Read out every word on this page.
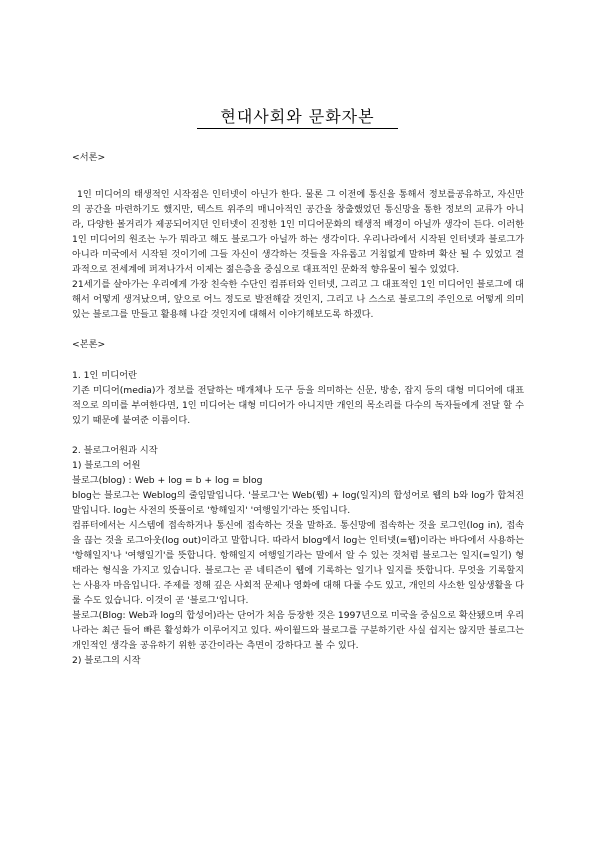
현대사회와 문화자본

<서론>

1인 미디어의 태생적인 시작점은 인터넷이 아닌가 한다. 물론 그 이전에 통신을 통해서 정보를공유하고, 자신만의 공간을 마련하기도 했지만, 텍스트 위주의 매니아적인 공간을 창출했었던 통신망을 통한 정보의 교류가 아니라, 다양한 볼거리가 제공되어지던 인터넷이 진정한 1인 미디어문화의 태생적 배경이 아닐까 생각이 든다. 이러한 1인 미디어의 원조는 누가 뭐라고 해도 블로그가 아닐까 하는 생각이다. 우리나라에서 시작된 인터넷과 블로그가 아니라 미국에서 시작된 것이기에 그들 자신이 생각하는 것들을 자유롭고 거침없게 말하며 확산 될 수 있었고 결과적으로 전세계에 퍼져나가서 이제는 젊은층을 중심으로 대표적인 문화적 향유물이 될수 있었다.

21세기를 살아가는 우리에게 가장 친숙한 수단인 컴퓨터와 인터넷, 그리고 그 대표적인 1인 미디어인 블로그에 대해서 어떻게 생겨났으며, 앞으로 어느 정도로 발전해갈 것인지, 그리고 나 스스로 블로그의 주인으로 어떻게 의미있는 블로그를 만들고 활용해 나갈 것인지에 대해서 이야기해보도록 하겠다.

<본론>

1. 1인 미디어란

기존 미디어(media)가 정보를 전달하는 매개체나 도구 등을 의미하는 신문, 방송, 잡지 등의 대형 미디어에 대표적으로 의미를 부여한다면, 1인 미디어는 대형 미디어가 아니지만 개인의 목소리를 다수의 독자들에게 전달 할 수 있기 때문에 붙여준 이름이다.

2. 블로그어원과 시작

1) 블로그의 어원

블로그(blog) : Web + log = b + log = blog

blog는 블로그는 Weblog의 줄임말입니다. '블로그'는 Web(웹) + log(일지)의 합성어로 웹의 b와 log가 합쳐진 말입니다. log는 사전의 뜻풀이로 '항해일지' '여행일기'라는 뜻입니다.

컴퓨터에서는 시스템에 접속하거나 통신에 접속하는 것을 말하죠. 통신망에 접속하는 것을 로그인(log in), 접속을 끊는 것을 로그아웃(log out)이라고 말합니다. 따라서 blog에서 log는 인터넷(=웹)이라는 바다에서 사용하는 '항해일지'나 '여행일기'를 뜻합니다. 항해일지 여행일기라는 말에서 알 수 있는 것처럼 블로그는 일지(=일기) 형태라는 형식을 가지고 있습니다. 블로그는 곧 네티즌이 웹에 기록하는 일기나 일지를 뜻합니다. 무엇을 기록할지는 사용자 마음입니다. 주제를 정해 깊은 사회적 문제나 영화에 대해 다룰 수도 있고, 개인의 사소한 일상생활을 다룰 수도 있습니다. 이것이 곧 '블로그'입니다.

블로그(Blog: Web과 log의 합성어)라는 단어가 처음 등장한 것은 1997년으로 미국을 중심으로 확산됐으며 우리나라는 최근 들어 빠른 활성화가 이루어지고 있다. 싸이월드와 블로그를 구분하기란 사실 쉽지는 않지만 블로그는 개인적인 생각을 공유하기 위한 공간이라는 측면이 강하다고 볼 수 있다.

2) 블로그의 시작
